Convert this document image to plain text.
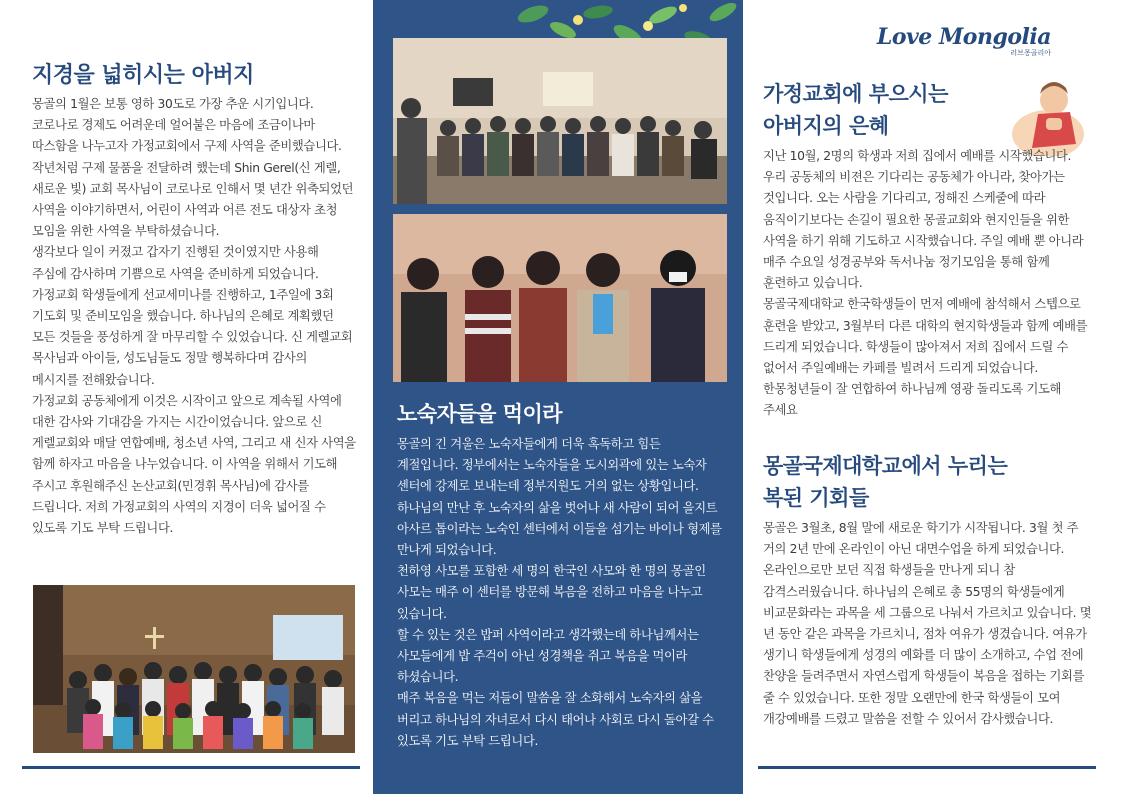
지경을 넓히시는 아버지

몽골의 1월은 보통 영하 30도로 가장 추운 시기입니다. 코로나로 경제도 어려운데 얼어붙은 마음에 조금이나마 따스함을 나누고자 가정교회에서 구제 사역을 준비했습니다. 작년처럼 구제 물품을 전달하려 했는데 Shin Gerel(신 게렐, 새로운 빛) 교회 목사님이 코로나로 인해서 몇 년간 위축되었던 사역을 이야기하면서, 어린이 사역과 어른 전도 대상자 초청 모임을 위한 사역을 부탁하셨습니다.

생각보다 일이 커졌고 갑자기 진행된 것이였지만 사용해 주심에 감사하며 기쁨으로 사역을 준비하게 되었습니다. 가정교회 학생들에게 선교세미나를 진행하고, 1주일에 3회 기도회 및 준비모임을 했습니다. 하나님의 은혜로 계획했던 모든 것들을 풍성하게 잘 마무리할 수 있었습니다. 신 게렐교회 목사님과 아이들, 성도님들도 정말 행복하다며 감사의 메시지를 전해왔습니다.

가정교회 공동체에게 이것은 시작이고 앞으로 계속될 사역에 대한 감사와 기대감을 가지는 시간이었습니다. 앞으로 신 게렐교회와 매달 연합예배, 청소년 사역, 그리고 새 신자 사역을 함께 하자고 마음을 나누었습니다. 이 사역을 위해서 기도해 주시고 후원해주신 논산교회(민경휘 목사님)에 감사를 드립니다. 저희 가정교회의 사역의 지경이 더욱 넓어질 수 있도록 기도 부탁 드립니다.

노숙자들을 먹이라

몽골의 긴 겨울은 노숙자들에게 더욱 혹독하고 힘든 계절입니다. 정부에서는 노숙자들을 도시외곽에 있는 노숙자 센터에 강제로 보내는데 정부지원도 거의 없는 상황입니다. 하나님의 만난 후 노숙자의 삶을 벗어나 새 사람이 되어 을지트 아사르 톱이라는 노숙인 센터에서 이들을 섬기는 바이나 형제를 만나게 되었습니다.

천하영 사모를 포함한 세 명의 한국인 사모와 한 명의 몽골인 사모는 매주 이 센터를 방문해 복음을 전하고 마음을 나누고 있습니다.

할 수 있는 것은 밥퍼 사역이라고 생각했는데 하나님께서는 사모들에게 밥 주걱이 아닌 성경책을 쥐고 복음을 먹이라 하셨습니다.

매주 복음을 먹는 저들이 말씀을 잘 소화해서 노숙자의 삶을 버리고 하나님의 자녀로서 다시 태어나 사회로 다시 돌아갈 수 있도록 기도 부탁 드립니다.

Love Mongolia
러브몽골리아
가정교회에 부으시는
아버지의 은혜

지난 10월, 2명의 학생과 저희 집에서 예배를 시작했습니다. 우리 공동체의 비젼은 기다리는 공동체가 아니라, 찾아가는 것입니다. 오는 사람을 기다리고, 정해진 스케줄에 따라 움직이기보다는 손길이 필요한 몽골교회와 현지인들을 위한 사역을 하기 위해 기도하고 시작했습니다. 주일 예배 뿐 아니라 매주 수요일 성경공부와 독서나눔 정기모임을 통해 함께 훈련하고 있습니다.

몽골국제대학교 한국학생들이 먼저 예배에 참석해서 스텝으로 훈련을 받았고, 3월부터 다른 대학의 현지학생들과 함께 예배를 드리게 되었습니다. 학생들이 많아져서 저희 집에서 드릴 수 없어서 주일예배는 카페를 빌려서 드리게 되었습니다. 한몽청년들이 잘 연합하여 하나님께 영광 돌리도록 기도해 주세요

몽골국제대학교에서 누리는
복된 기회들

몽골은 3월초, 8월 말에 새로운 학기가 시작됩니다. 3월 첫 주 거의 2년 만에 온라인이 아닌 대면수업을 하게 되었습니다. 온라인으로만 보던 직접 학생들을 만나게 되니 참 감격스러웠습니다. 하나님의 은혜로 총 55명의 학생들에게 비교문화라는 과목을 세 그룹으로 나눠서 가르치고 있습니다. 몇 년 동안 같은 과목을 가르치니, 점차 여유가 생겼습니다. 여유가 생기니 학생들에게 성경의 예화를 더 많이 소개하고, 수업 전에 찬양을 들려주면서 자연스럽게 학생들이 복음을 접하는 기회를 줄 수 있었습니다. 또한 정말 오랜만에 한국 학생들이 모여 개강예배를 드렸고 말씀을 전할 수 있어서 감사했습니다.
